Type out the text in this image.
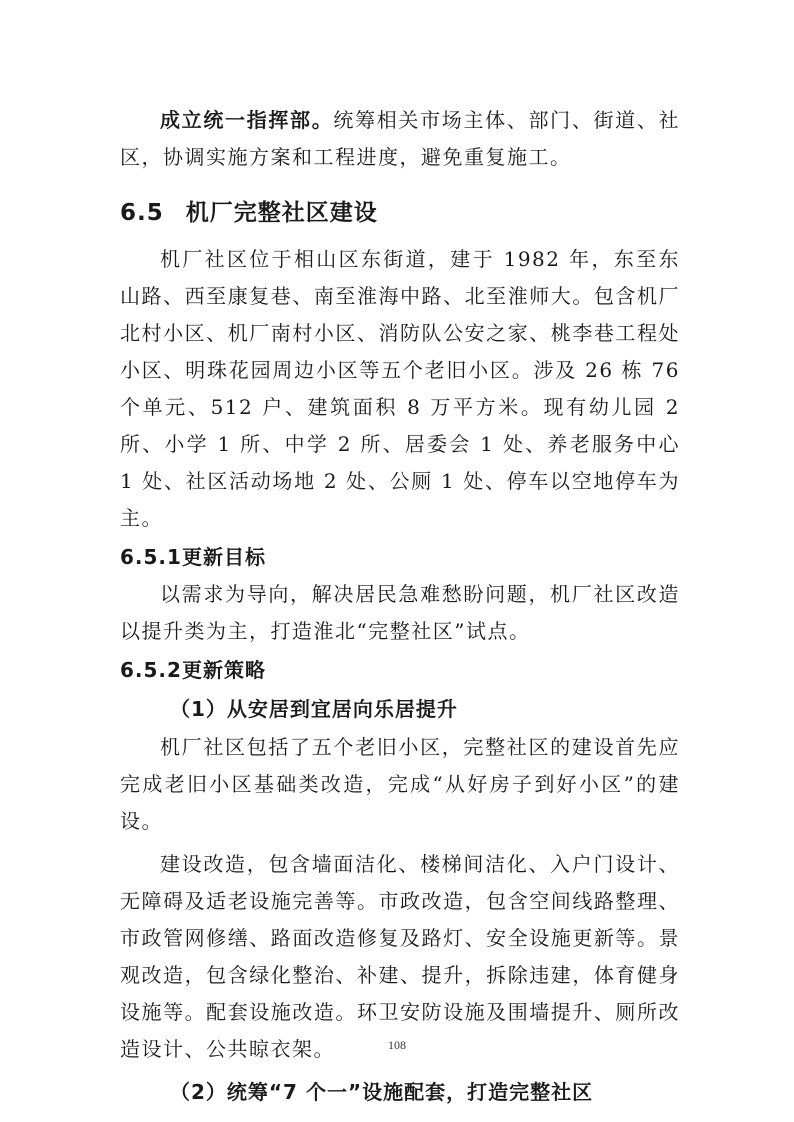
成立统一指挥部。统筹相关市场主体、部门、街道、社区，协调实施方案和工程进度，避免重复施工。

6.5 机厂完整社区建设

机厂社区位于相山区东街道，建于 1982 年，东至东山路、西至康复巷、南至淮海中路、北至淮师大。包含机厂北村小区、机厂南村小区、消防队公安之家、桃李巷工程处小区、明珠花园周边小区等五个老旧小区。涉及 26 栋 76 个单元、512 户、建筑面积 8 万平方米。现有幼儿园 2 所、小学 1 所、中学 2 所、居委会 1 处、养老服务中心 1 处、社区活动场地 2 处、公厕 1 处、停车以空地停车为主。

6.5.1更新目标

以需求为导向，解决居民急难愁盼问题，机厂社区改造以提升类为主，打造淮北“完整社区”试点。

6.5.2更新策略
（1）从安居到宜居向乐居提升

机厂社区包括了五个老旧小区，完整社区的建设首先应完成老旧小区基础类改造，完成“从好房子到好小区”的建设。

建设改造，包含墙面洁化、楼梯间洁化、入户门设计、无障碍及适老设施完善等。市政改造，包含空间线路整理、市政管网修缮、路面改造修复及路灯、安全设施更新等。景观改造，包含绿化整治、补建、提升，拆除违建，体育健身设施等。配套设施改造。环卫安防设施及围墙提升、厕所改造设计、公共晾衣架。

（2）统筹“7 个一”设施配套，打造完整社区
108
